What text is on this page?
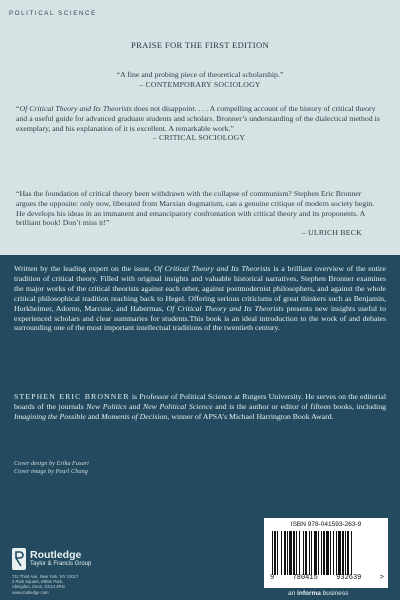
POLITICAL SCIENCE
PRAISE FOR THE FIRST EDITION
“A fine and probing piece of theoretical scholarship.”
– CONTEMPORARY SOCIOLOGY
“Of Critical Theory and Its Theorists does not disappoint. . . . A compelling account of the history of critical theory and a useful guide for advanced graduate students and scholars. Bronner’s understanding of the dialectical method is exemplary, and his explanation of it is excellent. A remarkable work.”
– CRITICAL SOCIOLOGY
“Has the foundation of critical theory been withdrawn with the collapse of communism? Stephen Eric Bronner argues the opposite: only now, liberated from Marxian dogmatism, can a genuine critique of modern society begin. He develops his ideas in an immanent and emancipatory confrontation with critical theory and its proponents. A brilliant book! Don’t miss it!”
– ULRICH BECK

Written by the leading expert on the issue, Of Critical Theory and Its Theorists is a brilliant overview of the entire tradition of critical theory. Filled with original insights and valuable historical narratives, Stephen Bronner examines the major works of the critical theorists against each other, against postmodernist philosophers, and against the whole critical philosophical tradition reaching back to Hegel. Offering serious criticisms of great thinkers such as Benjamin, Horkheimer, Adorno, Marcuse, and Habermas, Of Critical Theory and Its Theorists presents new insights useful to experienced scholars and clear summaries for students.This book is an ideal introduction to the work of and debates surrounding one of the most important intellectual traditions of the twentieth century.

STEPHEN ERIC BRONNER is Professor of Political Science at Rutgers University. He serves on the editorial boards of the journals New Politics and New Political Science and is the author or editor of fifteen books, including Imagining the Possible and Moments of Decision, winner of APSA’s Michael Harrington Book Award.

Cover design by Erika Fusari
Cover image by Pearl Chang
Routledge
Taylor & Francis Group
711 Third Ave, New York, NY 10017
2 Park Square, Milton Park,
Abingdon, Oxon, OX14 4RN
www.routledge.com
ISBN 978-041593-263-9
9	780415	932639	>
an informa business
